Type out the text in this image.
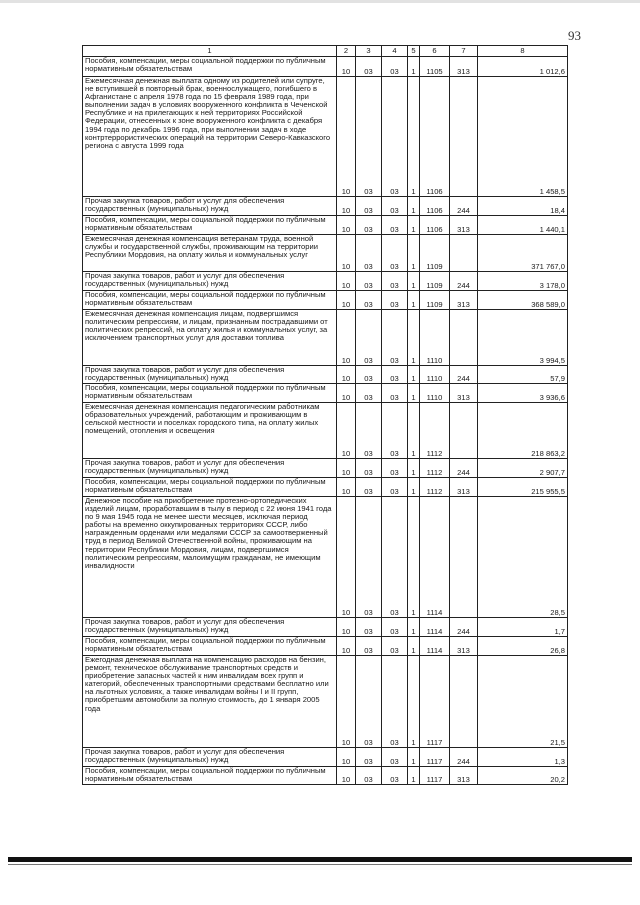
93
1	2	3	4	5	6	7	8
Пособия, компенсации, меры социальной поддержки по публичным нормативным обязательствам	10	03	03	1	1105	313	1 012,6
Ежемесячная денежная выплата одному из родителей или супруге, не вступившей в повторный брак, военнослужащего, погибшего в Афганистане с апреля 1978 года по 15 февраля 1989 года, при выполнении задач в условиях вооруженного конфликта в Чеченской Республике и на прилегающих к ней территориях Российской Федерации, отнесенных к зоне вооруженного конфликта с декабря 1994 года по декабрь 1996 года, при выполнении задач в ходе контртеррористических операций на территории Северо-Кавказского региона с августа 1999 года	10	03	03	1	1106		1 458,5
Прочая закупка товаров, работ и услуг для обеспечения государственных (муниципальных) нужд	10	03	03	1	1106	244	18,4
Пособия, компенсации, меры социальной поддержки по публичным нормативным обязательствам	10	03	03	1	1106	313	1 440,1
Ежемесячная денежная компенсация ветеранам труда, военной службы и государственной службы, проживающим на территории Республики Мордовия, на оплату жилья и коммунальных услуг	10	03	03	1	1109		371 767,0
Прочая закупка товаров, работ и услуг для обеспечения государственных (муниципальных) нужд	10	03	03	1	1109	244	3 178,0
Пособия, компенсации, меры социальной поддержки по публичным нормативным обязательствам	10	03	03	1	1109	313	368 589,0
Ежемесячная денежная компенсация лицам, подвергшимся политическим репрессиям, и лицам, признанным пострадавшими от политических репрессий, на оплату жилья и коммунальных услуг, за исключением транспортных услуг для доставки топлива	10	03	03	1	1110		3 994,5
Прочая закупка товаров, работ и услуг для обеспечения государственных (муниципальных) нужд	10	03	03	1	1110	244	57,9
Пособия, компенсации, меры социальной поддержки по публичным нормативным обязательствам	10	03	03	1	1110	313	3 936,6
Ежемесячная денежная компенсация педагогическим работникам образовательных учреждений, работающим и проживающим в сельской местности и поселках городского типа, на оплату жилых помещений, отопления и освещения	10	03	03	1	1112		218 863,2
Прочая закупка товаров, работ и услуг для обеспечения государственных (муниципальных) нужд	10	03	03	1	1112	244	2 907,7
Пособия, компенсации, меры социальной поддержки по публичным нормативным обязательствам	10	03	03	1	1112	313	215 955,5
Денежное пособие на приобретение протезно-ортопедических изделий лицам, проработавшим в тылу в период с 22 июня 1941 года по 9 мая 1945 года не менее шести месяцев, исключая период работы на временно оккупированных территориях СССР, либо награжденным орденами или медалями СССР за самоотверженный труд в период Великой Отечественной войны, проживающим на территории Республики Мордовия, лицам, подвергшимся политическим репрессиям, малоимущим гражданам, не имеющим инвалидности	10	03	03	1	1114		28,5
Прочая закупка товаров, работ и услуг для обеспечения государственных (муниципальных) нужд	10	03	03	1	1114	244	1,7
Пособия, компенсации, меры социальной поддержки по публичным нормативным обязательствам	10	03	03	1	1114	313	26,8
Ежегодная денежная выплата на компенсацию расходов на бензин, ремонт, техническое обслуживание транспортных средств и приобретение запасных частей к ним инвалидам всех групп и категорий, обеспеченных транспортными средствами бесплатно или на льготных условиях, а также инвалидам войны I и II групп, приобретшим автомобили за полную стоимость, до 1 января 2005 года	10	03	03	1	1117		21,5
Прочая закупка товаров, работ и услуг для обеспечения государственных (муниципальных) нужд	10	03	03	1	1117	244	1,3
Пособия, компенсации, меры социальной поддержки по публичным нормативным обязательствам	10	03	03	1	1117	313	20,2
